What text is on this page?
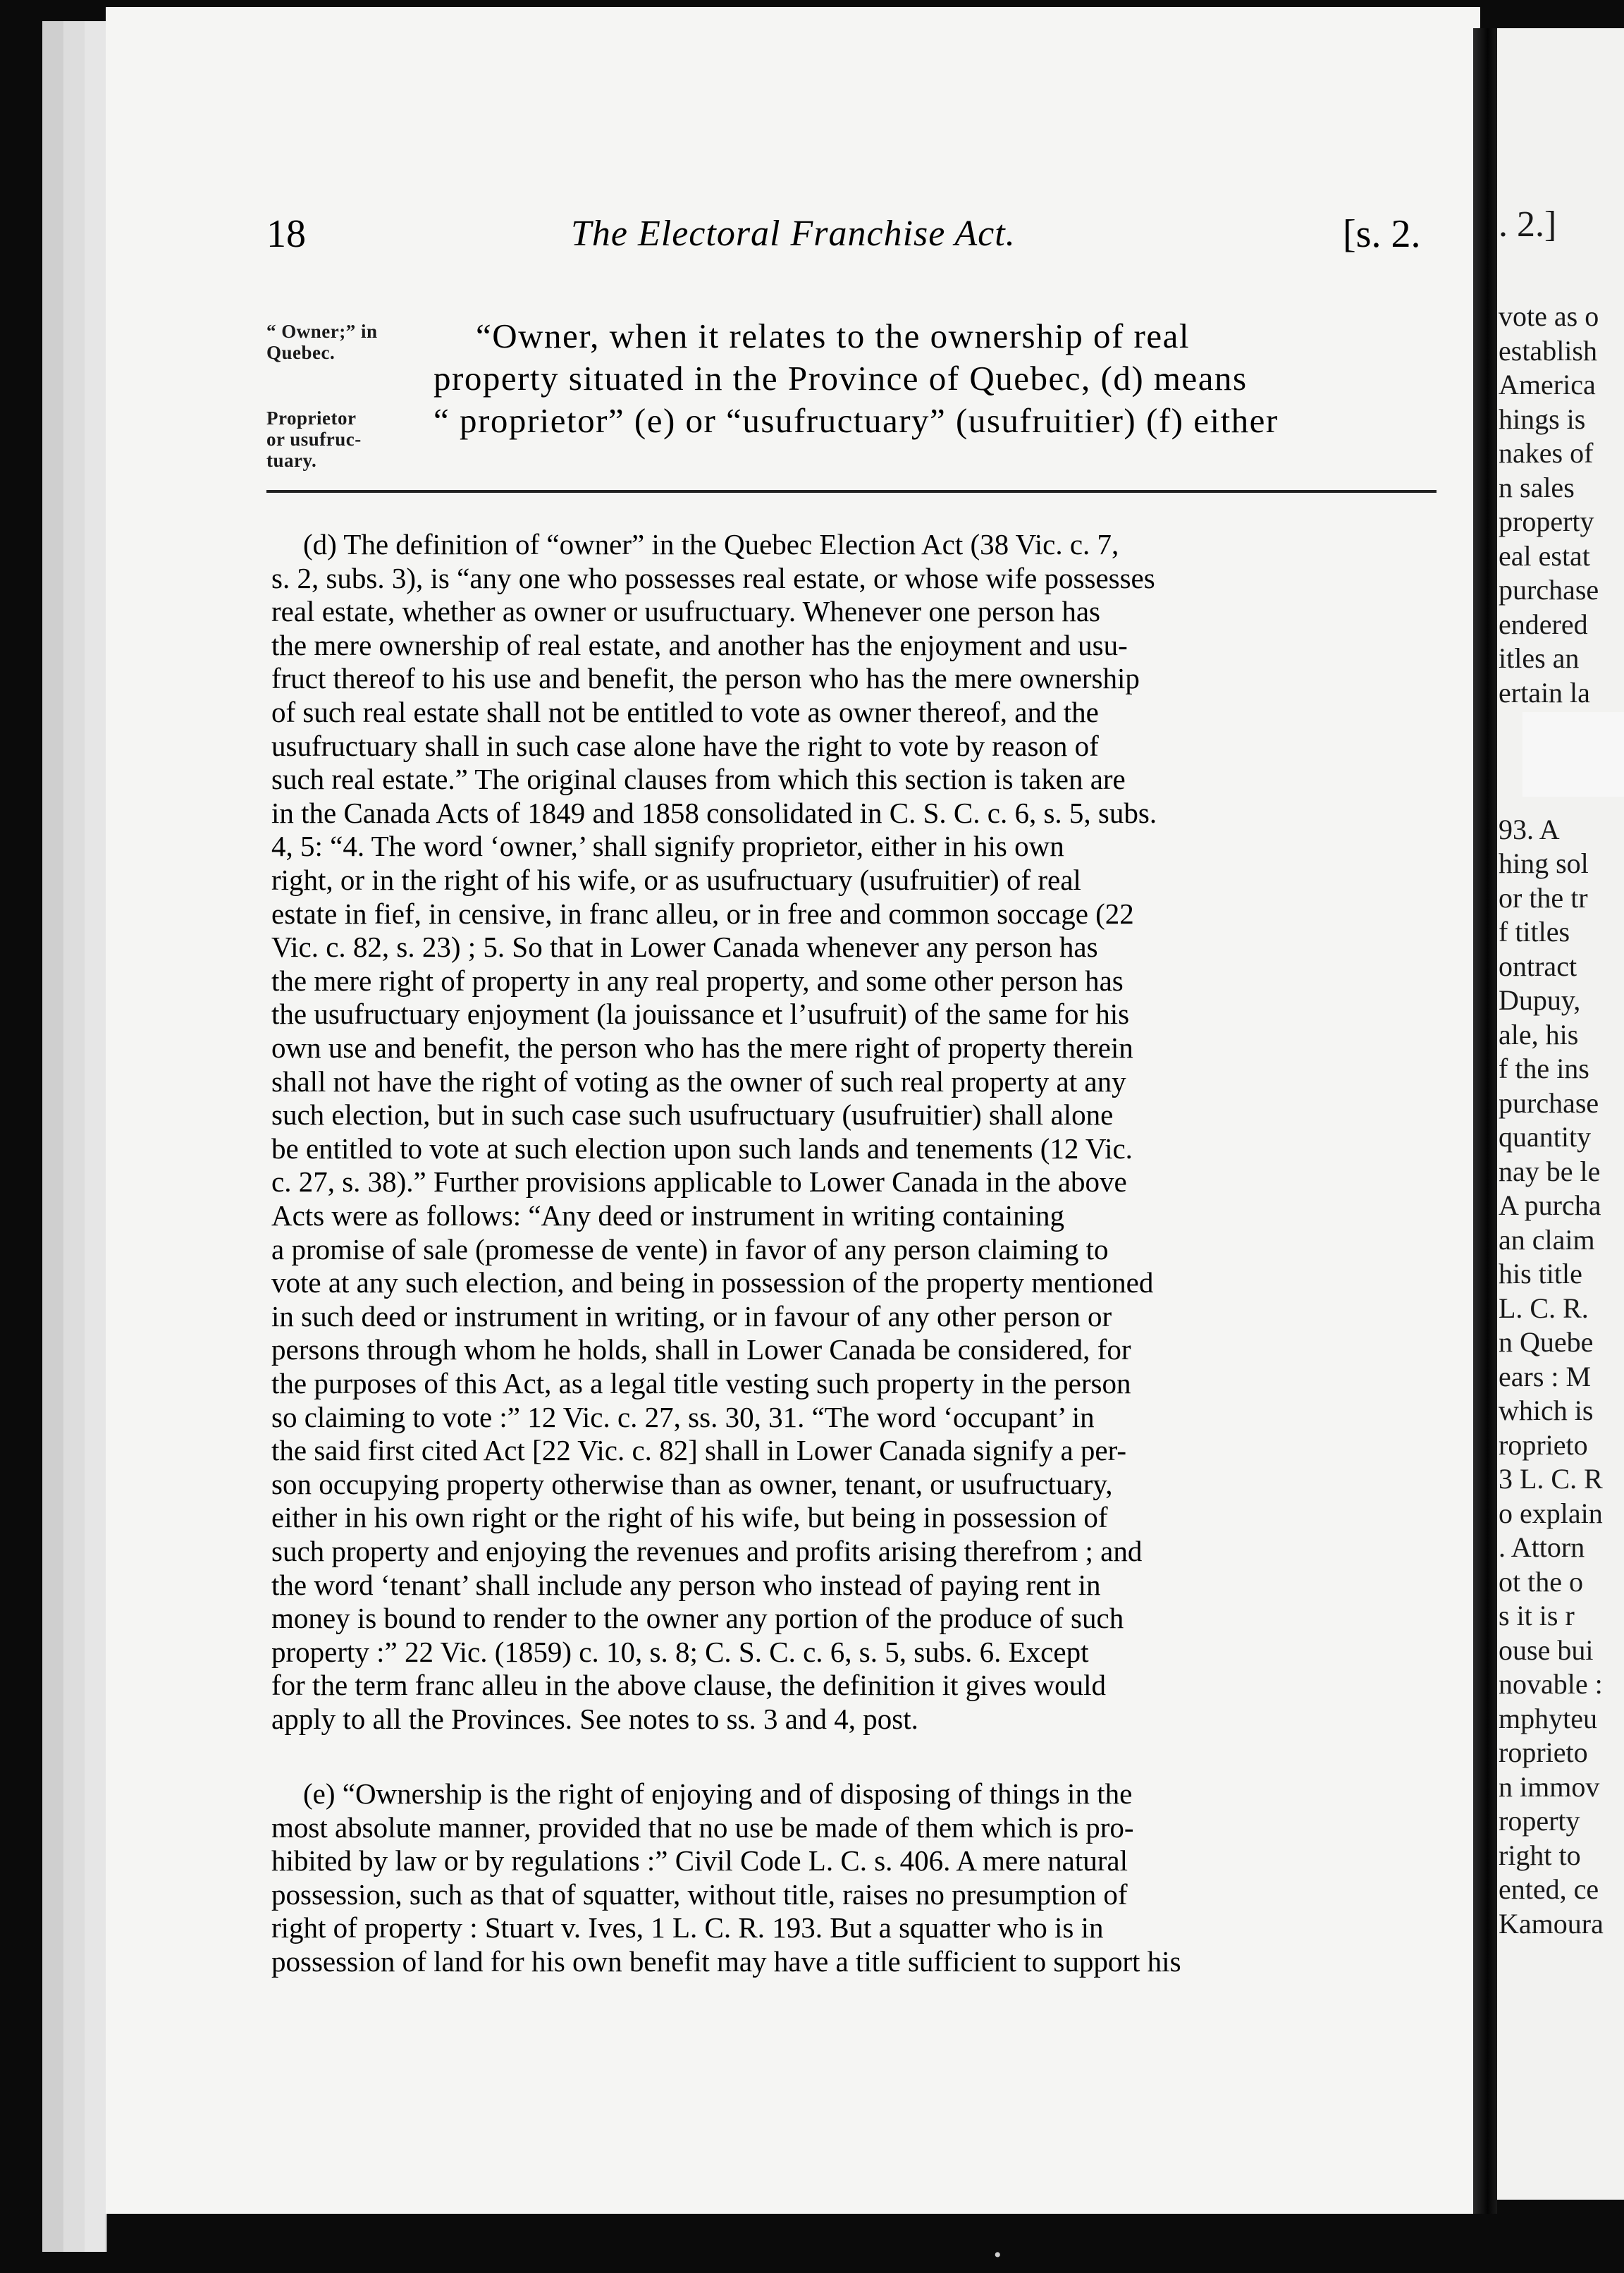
. 2.]
vote as o
establish
America
hings is
nakes of
n sales
property
eal estat
purchase
endered
itles an
ertain la
93. A
hing sol
or the tr
f titles
ontract
Dupuy,
ale, his
f the ins
purchase
quantity
nay be le
A purcha
an claim
his title
L. C. R.
n Quebe
ears : M
which is
roprieto
3 L. C. R
o explain
. Attorn
ot the o
s it is r
ouse bui
novable :
mphyteu
roprieto
n immov
roperty
right to
ented, ce
Kamoura
18	The Electoral Franchise Act.	[s. 2.
“ Owner;” in
Quebec.
Proprietor
or usufruc-
tuary.
“Owner, when it relates to the ownership of real
property situated in the Province of Quebec, (d) means
“ proprietor” (e) or “usufructuary” (usufruitier) (f) either
(d) The definition of “owner” in the Quebec Election Act (38 Vic. c. 7,
s. 2, subs. 3), is “any one who possesses real estate, or whose wife possesses
real estate, whether as owner or usufructuary. Whenever one person has
the mere ownership of real estate, and another has the enjoyment and usu-
fruct thereof to his use and benefit, the person who has the mere ownership
of such real estate shall not be entitled to vote as owner thereof, and the
usufructuary shall in such case alone have the right to vote by reason of
such real estate.” The original clauses from which this section is taken are
in the Canada Acts of 1849 and 1858 consolidated in C. S. C. c. 6, s. 5, subs.
4, 5: “4. The word ‘owner,’ shall signify proprietor, either in his own
right, or in the right of his wife, or as usufructuary (usufruitier) of real
estate in fief, in censive, in franc alleu, or in free and common soccage (22
Vic. c. 82, s. 23) ; 5. So that in Lower Canada whenever any person has
the mere right of property in any real property, and some other person has
the usufructuary enjoyment (la jouissance et l’usufruit) of the same for his
own use and benefit, the person who has the mere right of property therein
shall not have the right of voting as the owner of such real property at any
such election, but in such case such usufructuary (usufruitier) shall alone
be entitled to vote at such election upon such lands and tenements (12 Vic.
c. 27, s. 38).” Further provisions applicable to Lower Canada in the above
Acts were as follows: “Any deed or instrument in writing containing
a promise of sale (promesse de vente) in favor of any person claiming to
vote at any such election, and being in possession of the property mentioned
in such deed or instrument in writing, or in favour of any other person or
persons through whom he holds, shall in Lower Canada be considered, for
the purposes of this Act, as a legal title vesting such property in the person
so claiming to vote :” 12 Vic. c. 27, ss. 30, 31. “The word ‘occupant’ in
the said first cited Act [22 Vic. c. 82] shall in Lower Canada signify a per-
son occupying property otherwise than as owner, tenant, or usufructuary,
either in his own right or the right of his wife, but being in possession of
such property and enjoying the revenues and profits arising therefrom ; and
the word ‘tenant’ shall include any person who instead of paying rent in
money is bound to render to the owner any portion of the produce of such
property :” 22 Vic. (1859) c. 10, s. 8; C. S. C. c. 6, s. 5, subs. 6. Except
for the term franc alleu in the above clause, the definition it gives would
apply to all the Provinces. See notes to ss. 3 and 4, post.
(e) “Ownership is the right of enjoying and of disposing of things in the
most absolute manner, provided that no use be made of them which is pro-
hibited by law or by regulations :” Civil Code L. C. s. 406. A mere natural
possession, such as that of squatter, without title, raises no presumption of
right of property : Stuart v. Ives, 1 L. C. R. 193. But a squatter who is in
possession of land for his own benefit may have a title sufficient to support his
•
